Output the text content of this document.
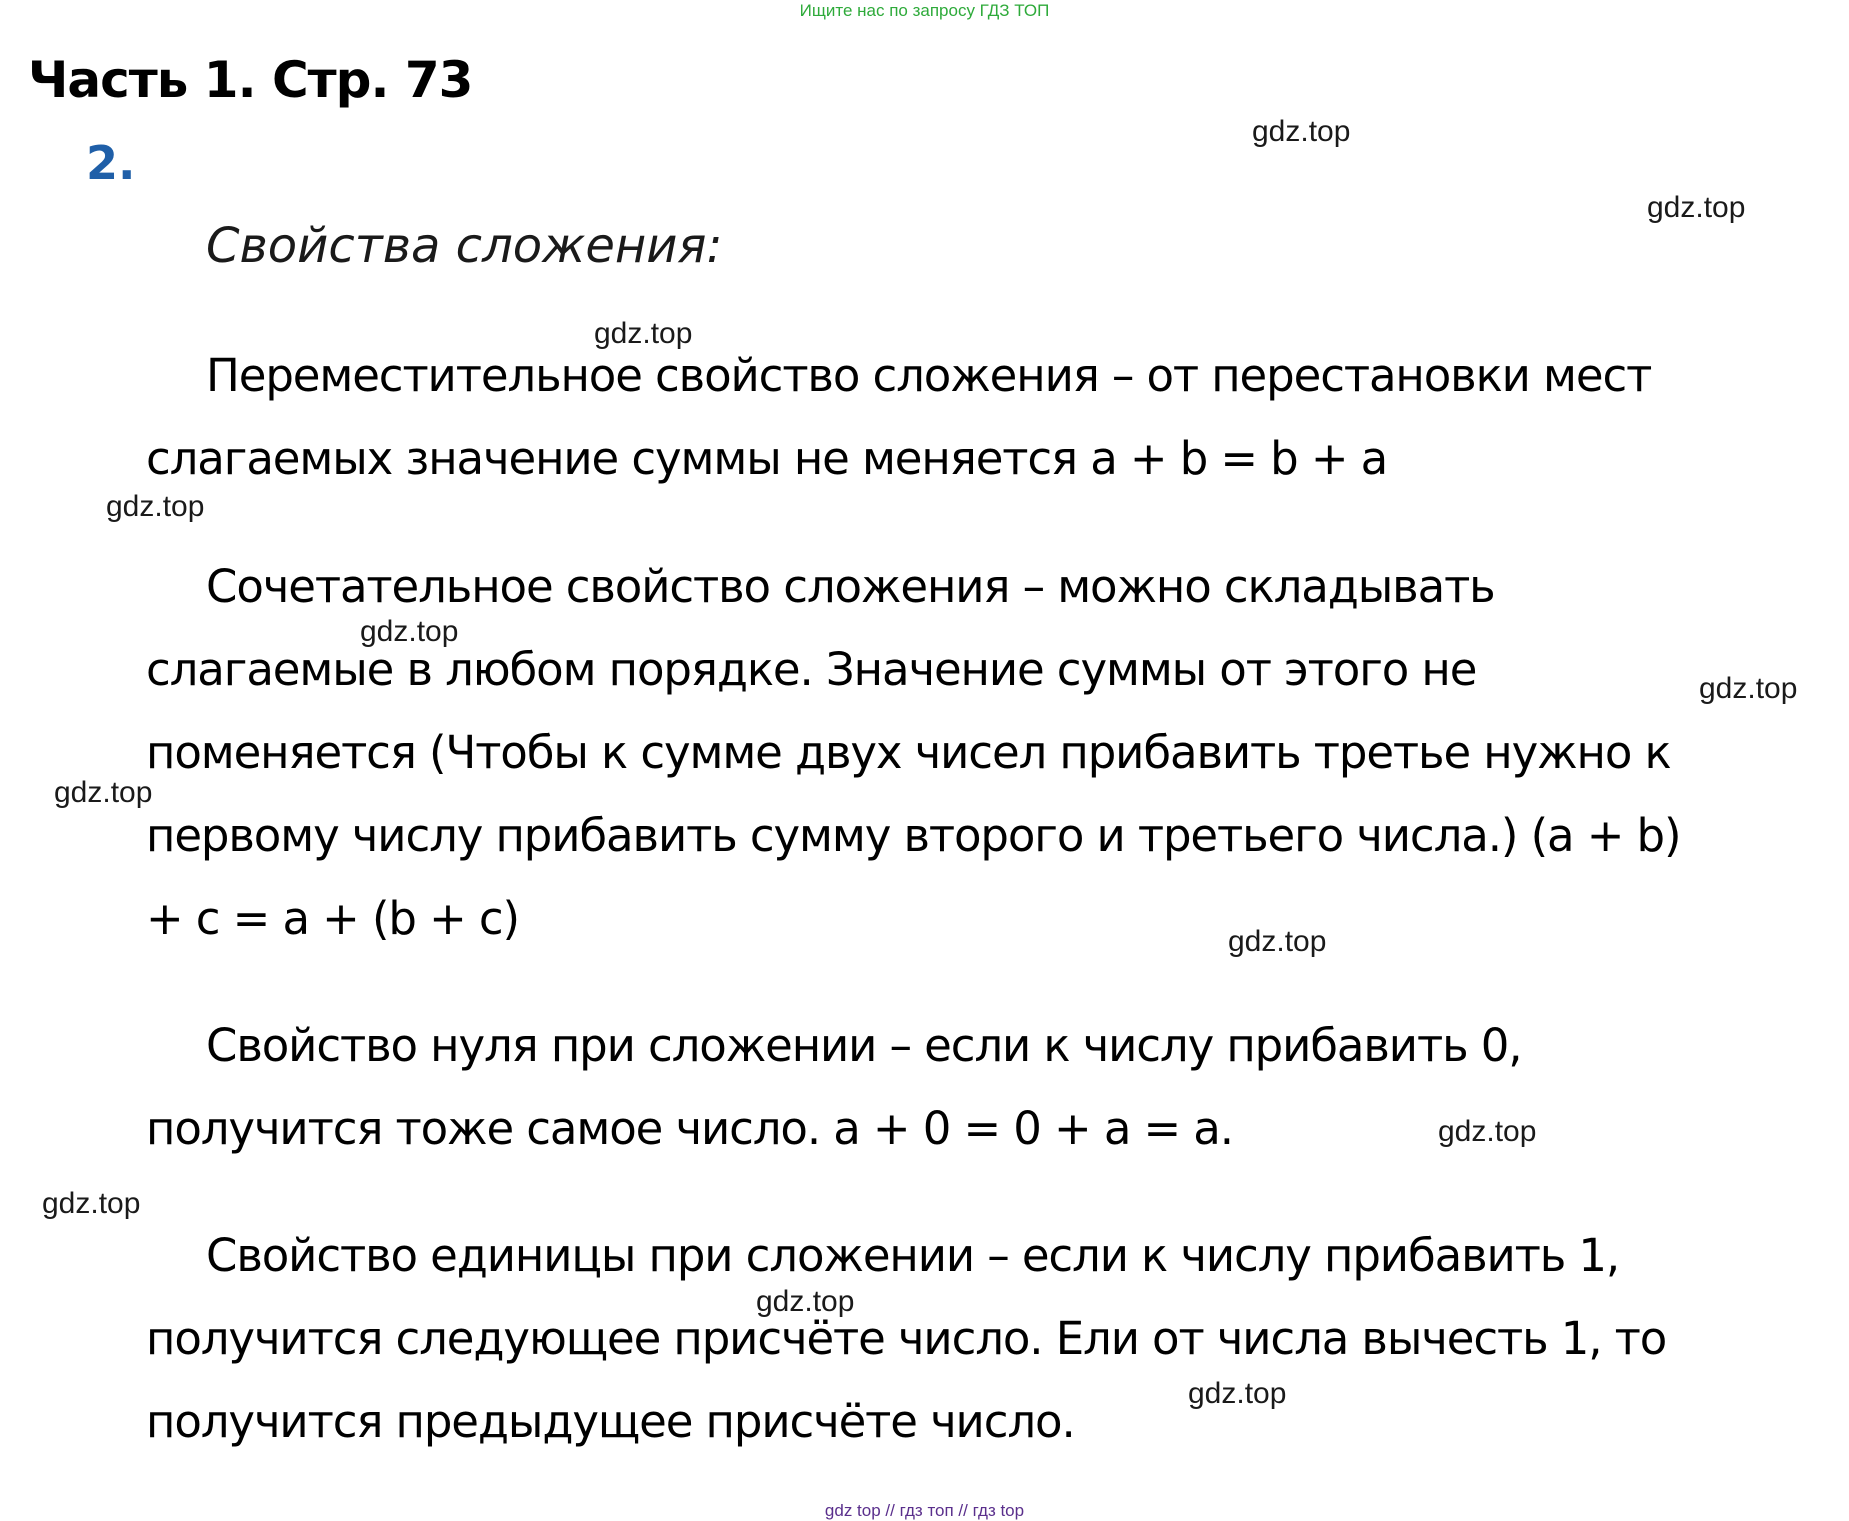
Ищите нас по запросу ГДЗ ТОП
Часть 1. Стр. 73
2.
Свойства сложения:
Переместительное свойство сложения – от перестановки мест
слагаемых значение суммы не меняется a + b = b + a
Сочетательное свойство сложения – можно складывать
слагаемые в любом порядке. Значение суммы от этого не
поменяется (Чтобы к сумме двух чисел прибавить третье нужно к
первому числу прибавить сумму второго и третьего числа.) (a + b)
+ c = a + (b + c)
Свойство нуля при сложении – если к числу прибавить 0,
получится тоже самое число. a + 0 = 0 + a = a.
Свойство единицы при сложении – если к числу прибавить 1,
получится следующее присчёте число. Ели от числа вычесть 1, то
получится предыдущее присчёте число.
gdz.top
gdz.top
gdz.top
gdz.top
gdz.top
gdz.top
gdz.top
gdz.top
gdz.top
gdz.top
gdz.top
gdz.top
gdz top // гдз топ // гдз top
